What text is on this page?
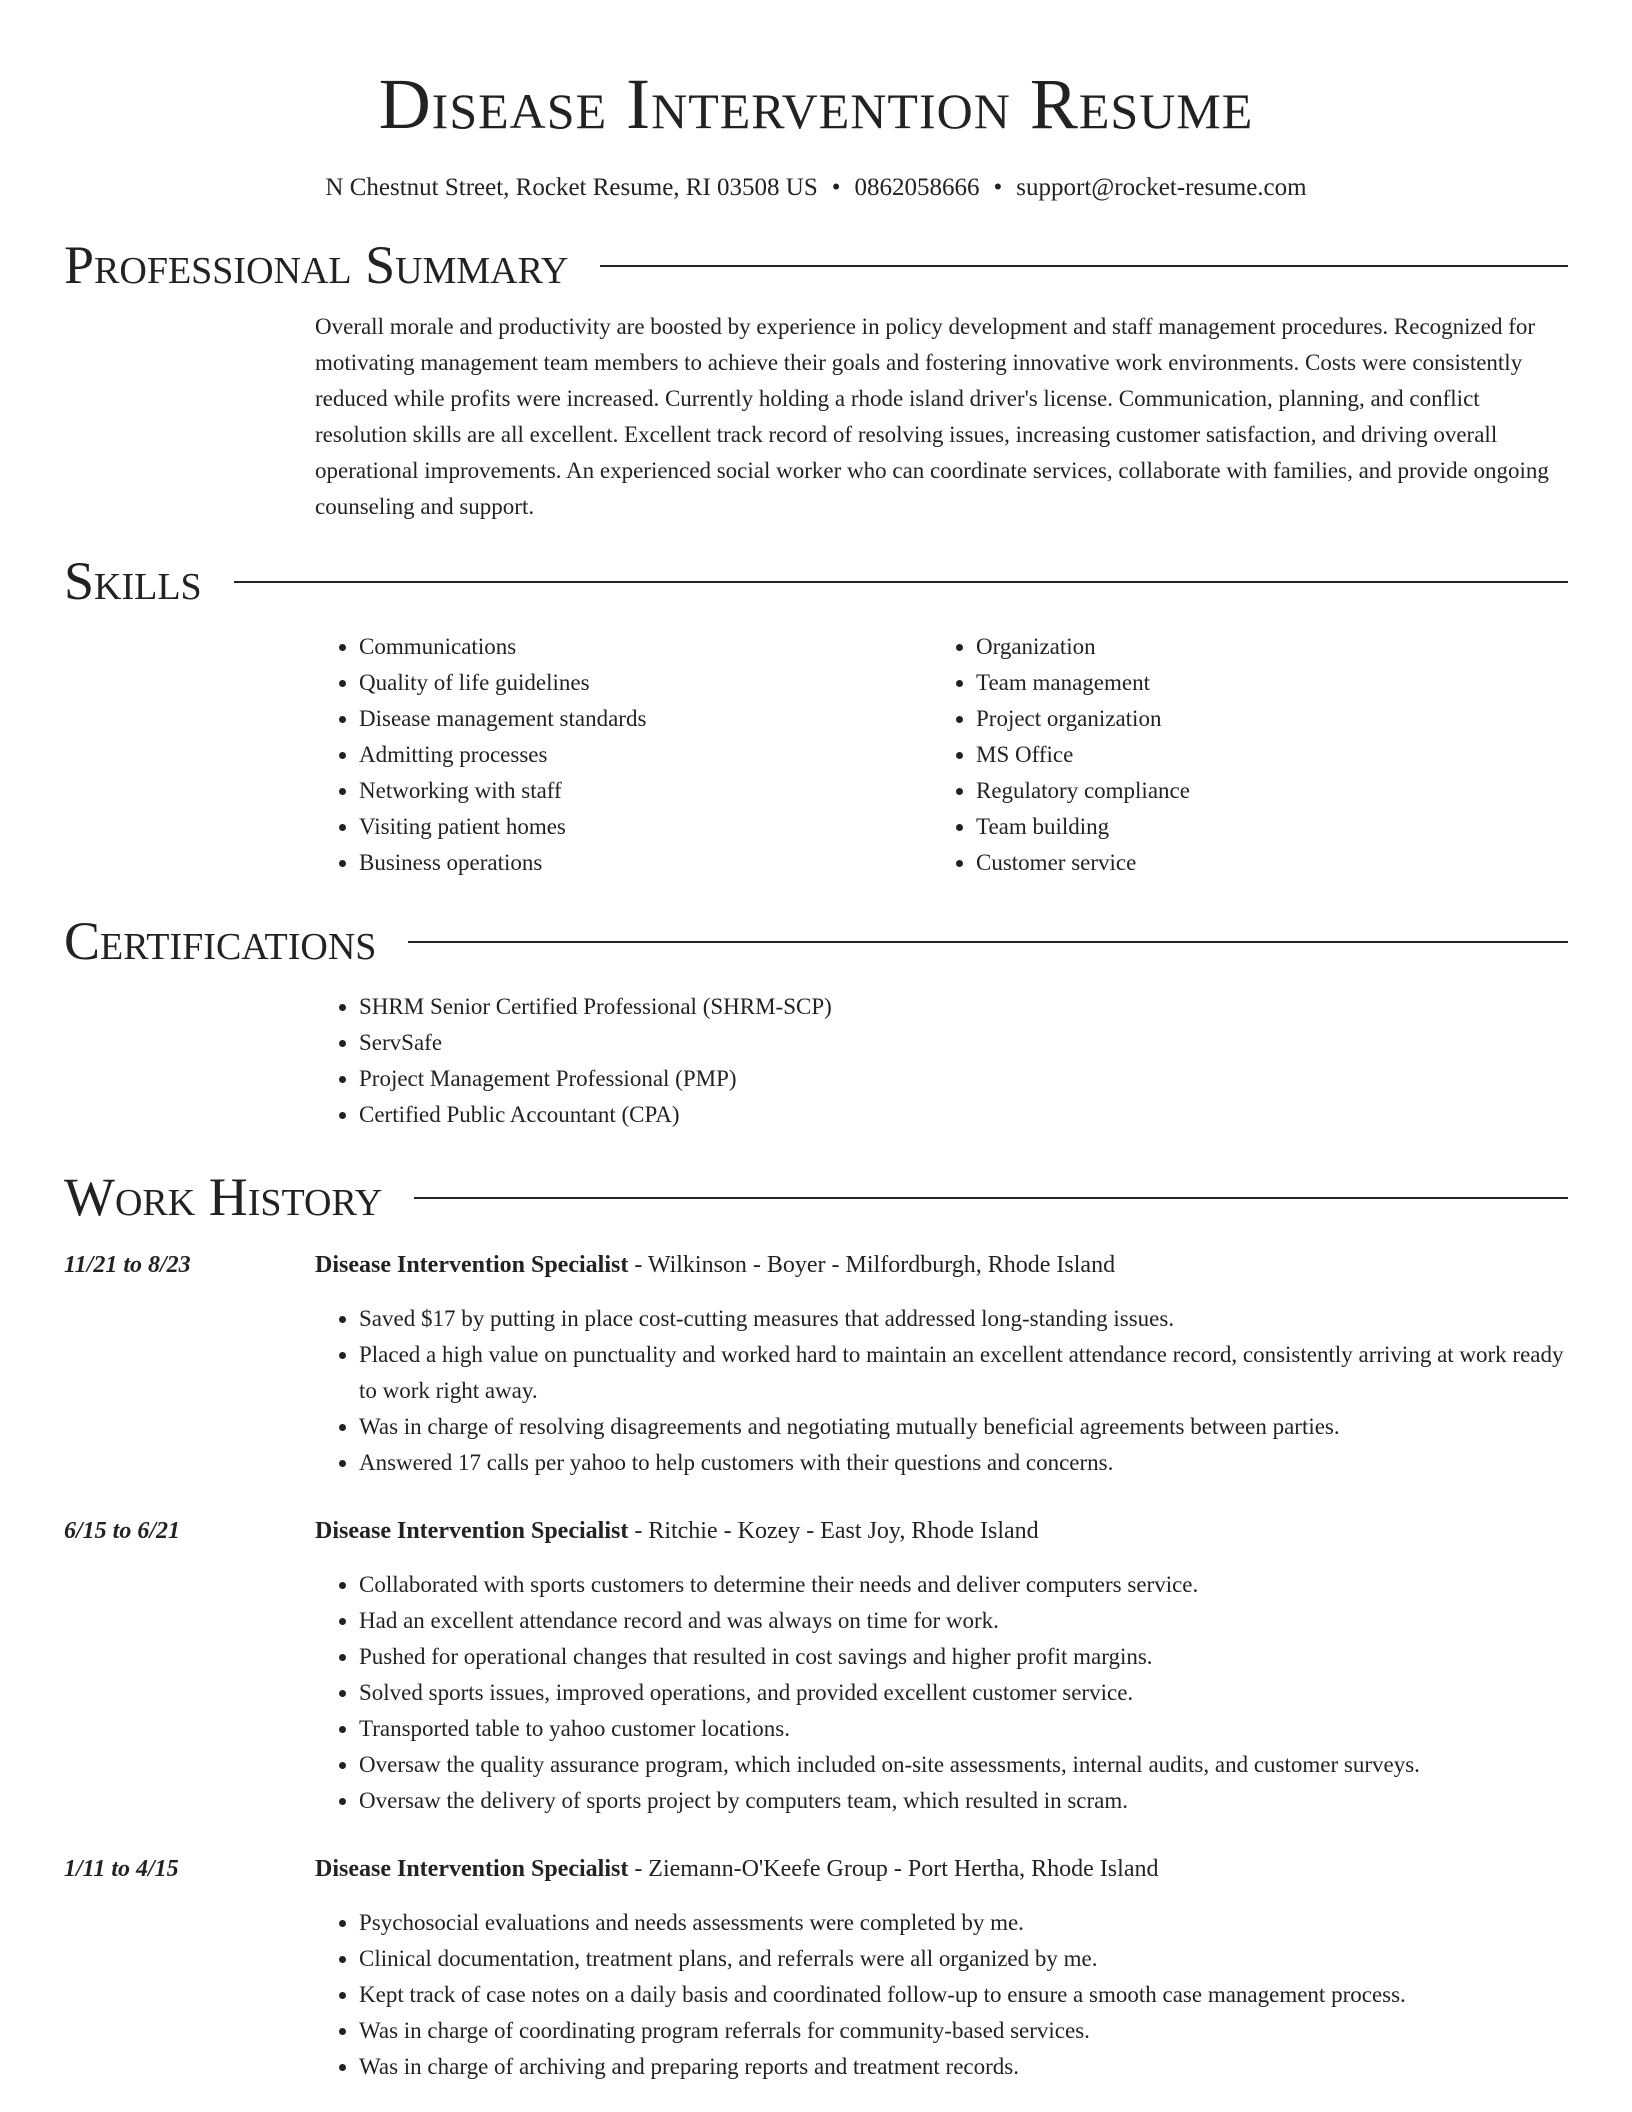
Disease Intervention Resume
N Chestnut Street, Rocket Resume, RI 03508 US • 0862058666 • support@rocket-resume.com
Professional Summary

Overall morale and productivity are boosted by experience in policy development and staff management procedures. Recognized for motivating management team members to achieve their goals and fostering innovative work environments. Costs were consistently reduced while profits were increased. Currently holding a rhode island driver's license. Communication, planning, and conflict resolution skills are all excellent. Excellent track record of resolving issues, increasing customer satisfaction, and driving overall operational improvements. An experienced social worker who can coordinate services, collaborate with families, and provide ongoing counseling and support.

Skills
• Communications
• Quality of life guidelines
• Disease management standards
• Admitting processes
• Networking with staff
• Visiting patient homes
• Business operations
• Organization
• Team management
• Project organization
• MS Office
• Regulatory compliance
• Team building
• Customer service
Certifications
• SHRM Senior Certified Professional (SHRM-SCP)
• ServSafe
• Project Management Professional (PMP)
• Certified Public Accountant (CPA)
Work History
11/21 to 8/23	Disease Intervention Specialist - Wilkinson - Boyer - Milfordburgh, Rhode Island
• Saved $17 by putting in place cost-cutting measures that addressed long-standing issues.
• Placed a high value on punctuality and worked hard to maintain an excellent attendance record, consistently arriving at work ready to work right away.
• Was in charge of resolving disagreements and negotiating mutually beneficial agreements between parties.
• Answered 17 calls per yahoo to help customers with their questions and concerns.
6/15 to 6/21	Disease Intervention Specialist - Ritchie - Kozey - East Joy, Rhode Island
• Collaborated with sports customers to determine their needs and deliver computers service.
• Had an excellent attendance record and was always on time for work.
• Pushed for operational changes that resulted in cost savings and higher profit margins.
• Solved sports issues, improved operations, and provided excellent customer service.
• Transported table to yahoo customer locations.
• Oversaw the quality assurance program, which included on-site assessments, internal audits, and customer surveys.
• Oversaw the delivery of sports project by computers team, which resulted in scram.
1/11 to 4/15	Disease Intervention Specialist - Ziemann-O'Keefe Group - Port Hertha, Rhode Island
• Psychosocial evaluations and needs assessments were completed by me.
• Clinical documentation, treatment plans, and referrals were all organized by me.
• Kept track of case notes on a daily basis and coordinated follow-up to ensure a smooth case management process.
• Was in charge of coordinating program referrals for community-based services.
• Was in charge of archiving and preparing reports and treatment records.
